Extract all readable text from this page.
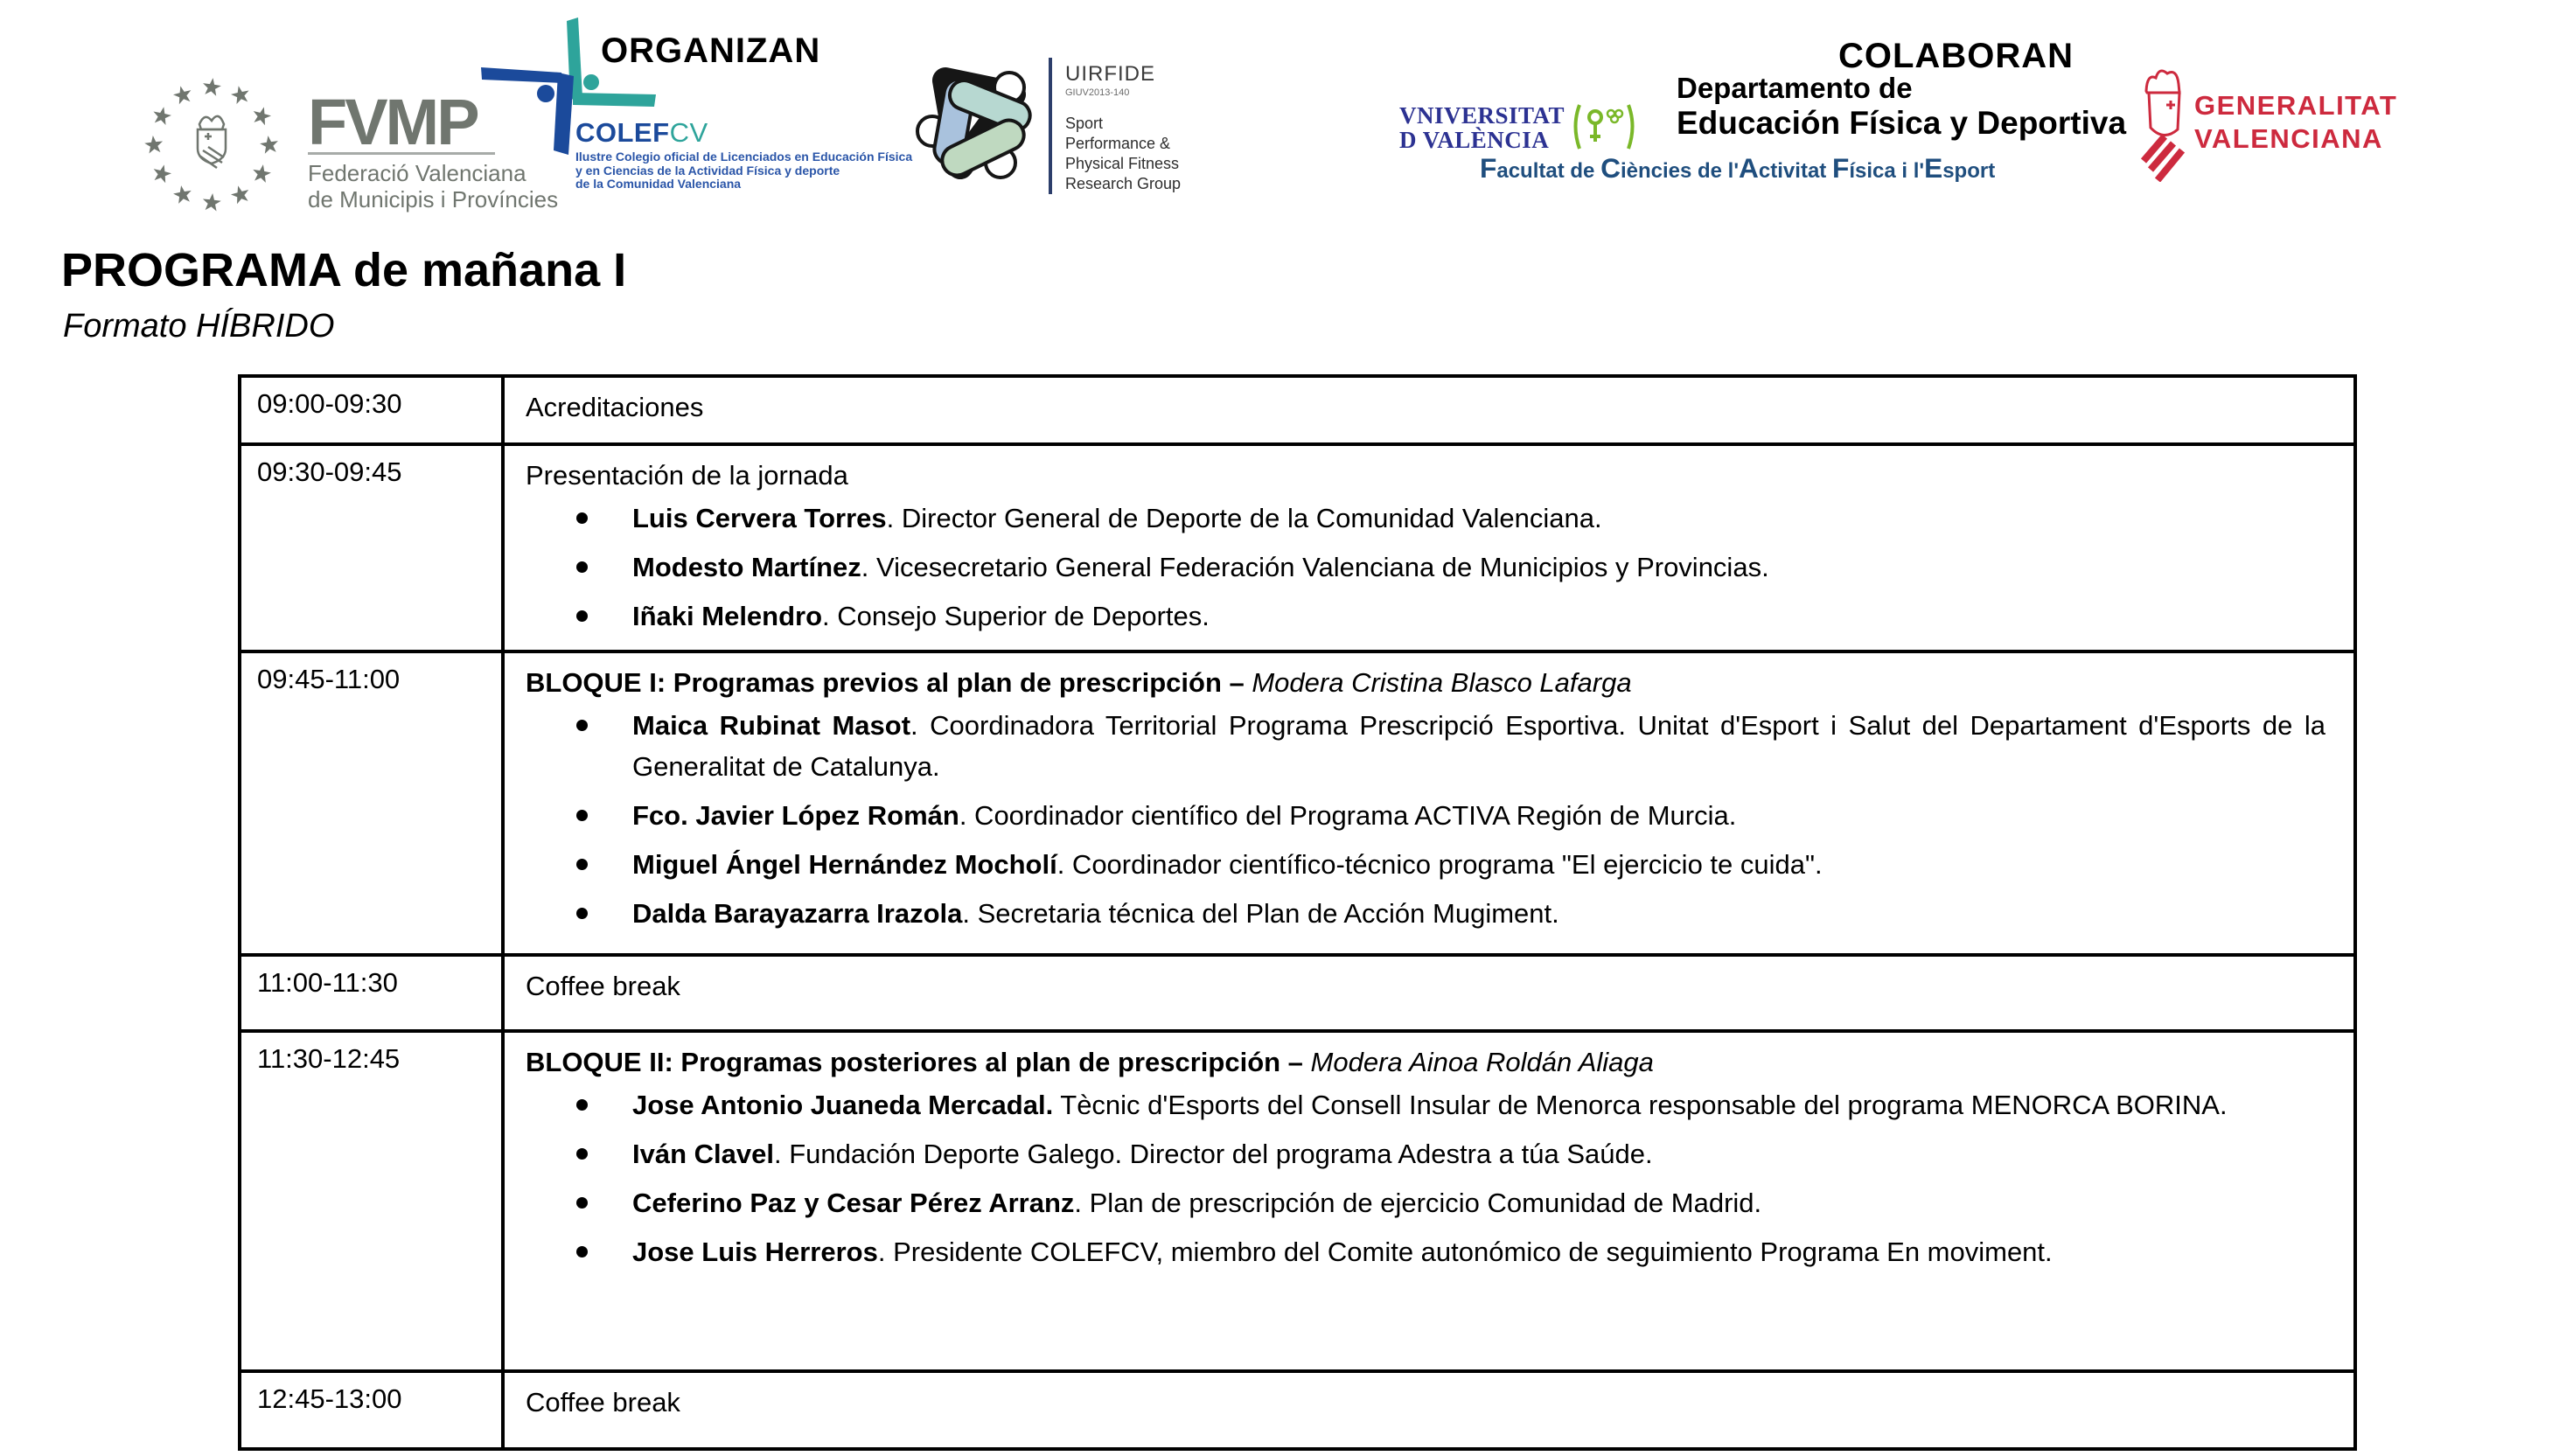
ORGANIZAN	COLABORAN
FVMP
Federació Valenciana
de Municipis i Províncies
COLEFCV
Ilustre Colegio oficial de Licenciados en Educación Física
y en Ciencias de la Actividad Física y deporte
de la Comunidad Valenciana
UIRFIDE
GIUV2013-140
Sport
Performance &
Physical Fitness
Research Group
VNIVERSITAT
D VALÈNCIA
Departamento de
Educación Física y Deportiva
Facultat de Ciències de l'Activitat Física i l'Esport
GENERALITAT
VALENCIANA
PROGRAMA de mañana I
Formato HÍBRIDO
09:00-09:30	Acreditaciones

09:30-09:45	Presentación de la jornada
Luis Cervera Torres. Director General de Deporte de la Comunidad Valenciana.
Modesto Martínez. Vicesecretario General Federación Valenciana de Municipios y Provincias.
Iñaki Melendro. Consejo Superior de Deportes.

09:45-11:00	BLOQUE I: Programas previos al plan de prescripción – Modera Cristina Blasco Lafarga
Maica Rubinat Masot. Coordinadora Territorial Programa Prescripció Esportiva. Unitat d'Esport i Salut del Departament d'Esports de la Generalitat de Catalunya.
Fco. Javier López Román. Coordinador científico del Programa ACTIVA Región de Murcia.
Miguel Ángel Hernández Mocholí. Coordinador científico-técnico programa "El ejercicio te cuida".
Dalda Barayazarra Irazola. Secretaria técnica del Plan de Acción Mugiment.

11:00-11:30	Coffee break

11:30-12:45	BLOQUE II: Programas posteriores al plan de prescripción – Modera Ainoa Roldán Aliaga
Jose Antonio Juaneda Mercadal. Tècnic d'Esports del Consell Insular de Menorca responsable del programa MENORCA BORINA.
Iván Clavel. Fundación Deporte Galego. Director del programa Adestra a túa Saúde.
Ceferino Paz y Cesar Pérez Arranz. Plan de prescripción de ejercicio Comunidad de Madrid.
Jose Luis Herreros. Presidente COLEFCV, miembro del Comite autonómico de seguimiento Programa En moviment.

12:45-13:00	Coffee break
